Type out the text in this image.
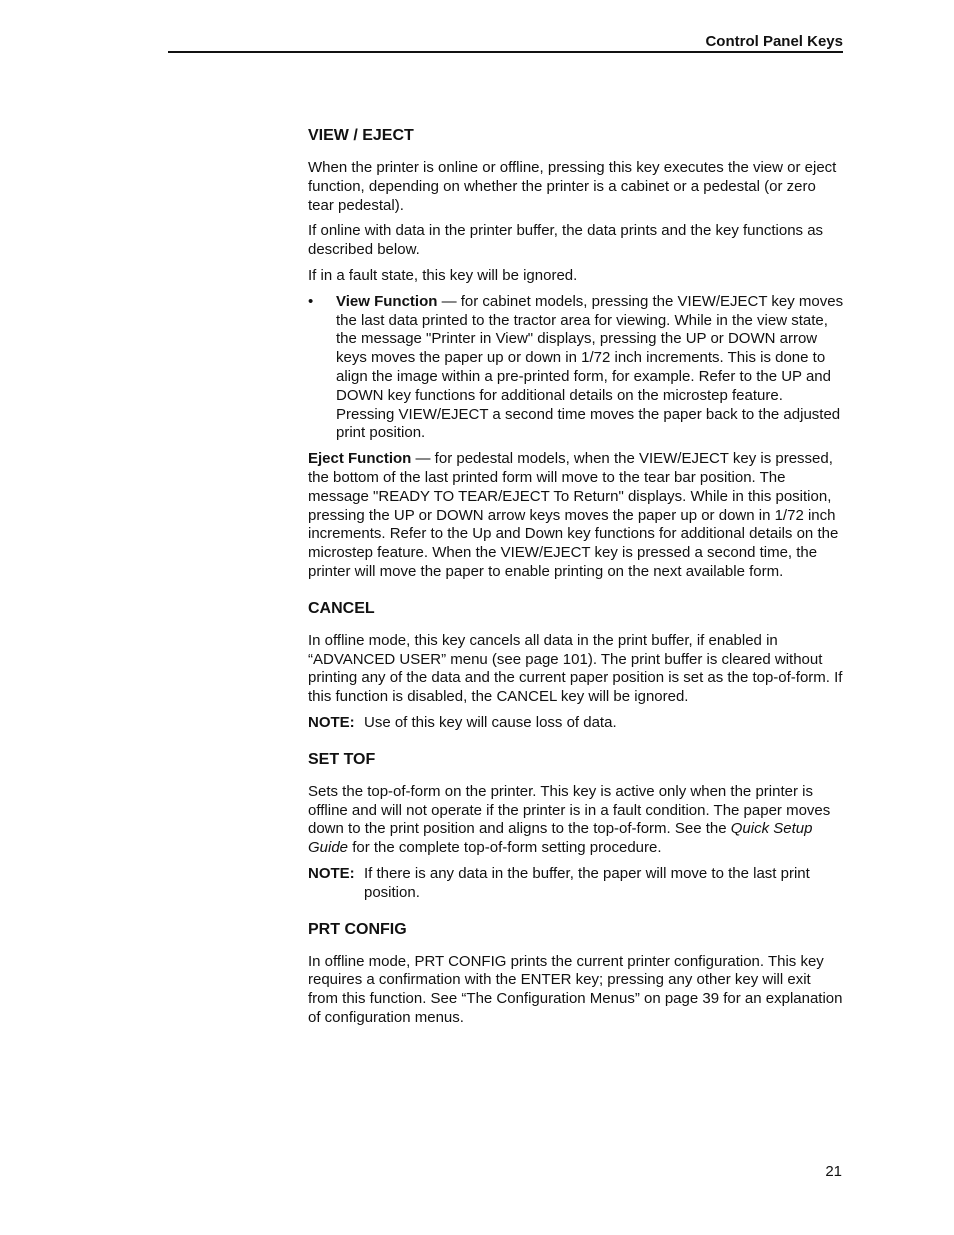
Control Panel Keys
VIEW / EJECT

When the printer is online or offline, pressing this key executes the view or eject function, depending on whether the printer is a cabinet or a pedestal (or zero tear pedestal).

If online with data in the printer buffer, the data prints and the key functions as described below.

If in a fault state, this key will be ignored.

•	View Function — for cabinet models, pressing the VIEW/EJECT key moves the last data printed to the tractor area for viewing. While in the view state, the message "Printer in View" displays, pressing the UP or DOWN arrow keys moves the paper up or down in 1/72 inch increments. This is done to align the image within a pre-printed form, for example. Refer to the UP and DOWN key functions for additional details on the microstep feature. Pressing VIEW/EJECT a second time moves the paper back to the adjusted print position.

Eject Function — for pedestal models, when the VIEW/EJECT key is pressed, the bottom of the last printed form will move to the tear bar position. The message "READY TO TEAR/EJECT To Return" displays. While in this position, pressing the UP or DOWN arrow keys moves the paper up or down in 1/72 inch increments. Refer to the Up and Down key functions for additional details on the microstep feature. When the VIEW/EJECT key is pressed a second time, the printer will move the paper to enable printing on the next available form.

CANCEL

In offline mode, this key cancels all data in the print buffer, if enabled in “ADVANCED USER” menu (see page 101). The print buffer is cleared without printing any of the data and the current paper position is set as the top-of-form. If this function is disabled, the CANCEL key will be ignored.

NOTE: Use of this key will cause loss of data.
SET TOF

Sets the top-of-form on the printer. This key is active only when the printer is offline and will not operate if the printer is in a fault condition. The paper moves down to the print position and aligns to the top-of-form. See the Quick Setup Guide for the complete top-of-form setting procedure.

NOTE: If there is any data in the buffer, the paper will move to the last print position.
PRT CONFIG

In offline mode, PRT CONFIG prints the current printer configuration. This key requires a confirmation with the ENTER key; pressing any other key will exit from this function. See “The Configuration Menus” on page 39 for an explanation of configuration menus.

21
